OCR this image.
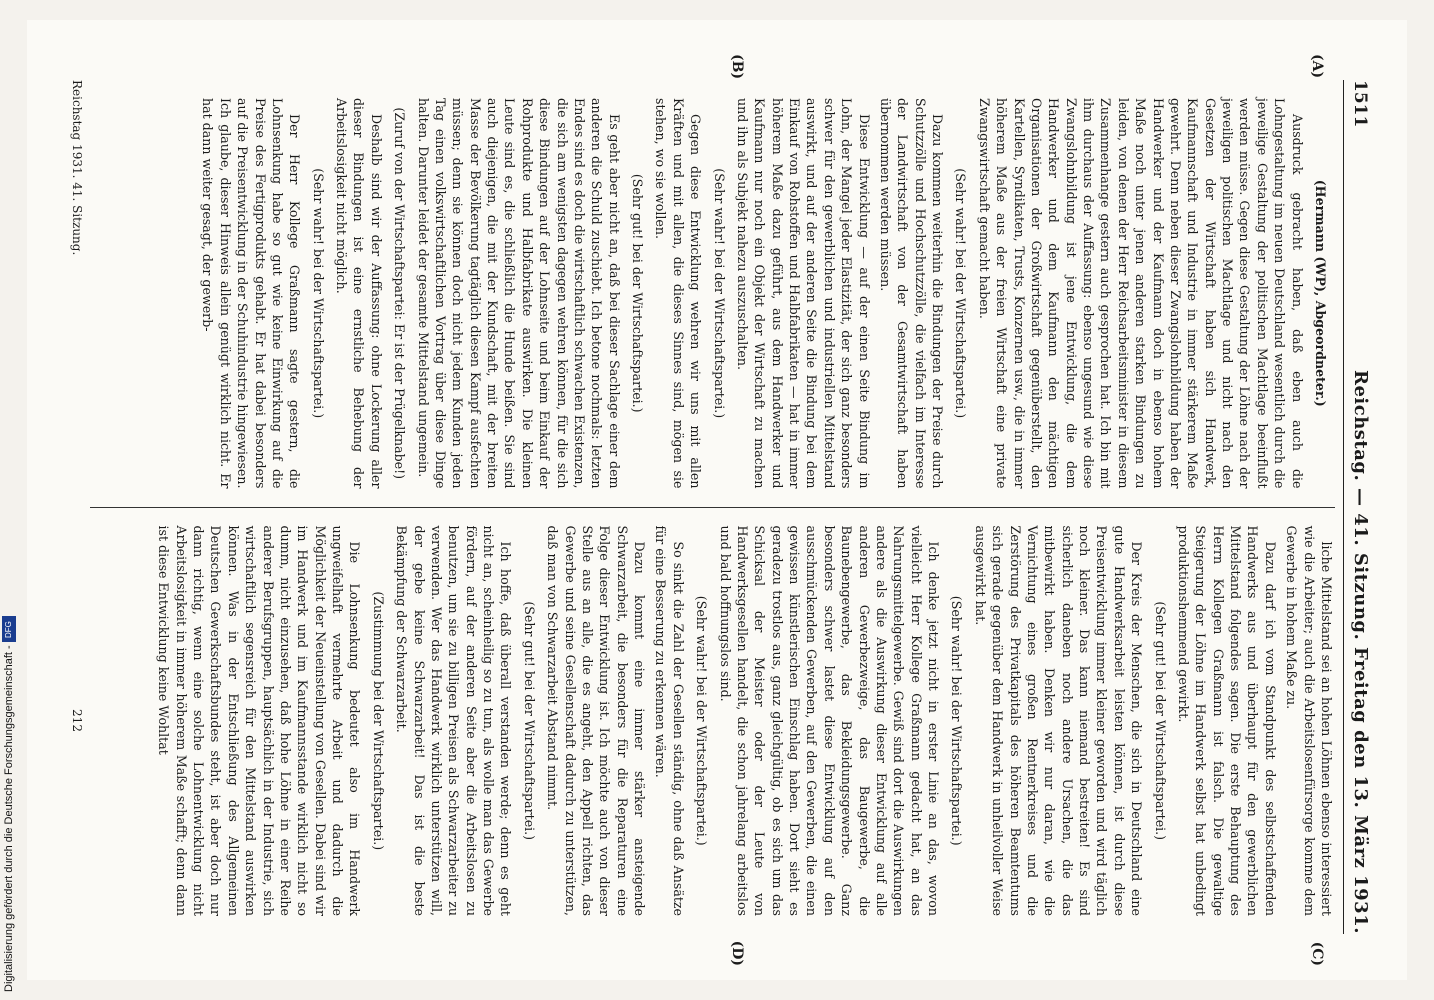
1511
Reichstag. — 41. Sitzung. Freitag den 13. März 1931.
(A)
(B)
(C)
(D)

(Hermann (WP), Abgeordneter.)

Ausdruck gebracht haben, daß eben auch die Lohngestaltung im neuen Deutschland wesentlich durch die jeweilige Gestaltung der politischen Machtlage beeinflußt werden müsse. Gegen diese Gestaltung der Löhne nach der jeweiligen politischen Machtlage und nicht nach den Gesetzen der Wirtschaft haben sich Handwerk, Kaufmannschaft und Industrie in immer stärkerem Maße gewehrt. Denn neben dieser Zwangslohnbildung haben der Handwerker und der Kaufmann doch in ebenso hohem Maße noch unter jenen anderen starken Bindungen zu leiden, von denen der Herr Reichsarbeitsminister in diesem Zusammenhange gestern auch gesprochen hat. Ich bin mit ihm durchaus der Auffassung: ebenso ungesund wie diese Zwangslohnbildung ist jene Entwicklung, die dem Handwerker und dem Kaufmann den mächtigen Organisationen der Großwirtschaft gegenüberstellt, den Kartellen, Syndikaten, Trusts, Konzernen usw., die in immer höherem Maße aus der freien Wirtschaft eine private Zwangswirtschaft gemacht haben.

(Sehr wahr! bei der Wirtschaftspartei.)

Dazu kommen weiterhin die Bindungen der Preise durch Schutzzölle und Hochschutzzölle, die vielfach im Interesse der Landwirtschaft von der Gesamtwirtschaft haben übernommen werden müssen.

Diese Entwicklung — auf der einen Seite Bindung im Lohn, der Mangel jeder Elastizität, der sich ganz besonders schwer für den gewerblichen und industriellen Mittelstand auswirkt, und auf der anderen Seite die Bindung bei dem Einkauf von Rohstoffen und Halbfabrikaten — hat in immer höherem Maße dazu geführt, aus dem Handwerker und Kaufmann nur noch ein Objekt der Wirtschaft zu machen und ihn als Subjekt nahezu auszuschalten.

(Sehr wahr! bei der Wirtschaftspartei.)

Gegen diese Entwicklung wehren wir uns mit allen Kräften und mit allen, die dieses Sinnes sind, mögen sie stehen, wo sie wollen.

(Sehr gut! bei der Wirtschaftspartei.)

Es geht aber nicht an, daß bei dieser Sachlage einer dem anderen die Schuld zuschiebt. Ich betone nochmals: letzten Endes sind es doch die wirtschaftlich schwachen Existenzen, die sich am wenigsten dagegen wehren können, für die sich diese Bindungen auf der Lohnseite und beim Einkauf der Rohprodukte und Halbfabrikate auswirken. Die kleinen Leute sind es, die schließlich die Hunde beißen. Sie sind auch diejenigen, die mit der Kundschaft, mit der breiten Masse der Bevölkerung tagtäglich diesen Kampf ausfechten müssen; denn sie können doch nicht jedem Kunden jeden Tag einen volkswirtschaftlichen Vortrag über diese Dinge halten. Darunter leidet der gesamte Mittelstand ungemein.

(Zuruf von der Wirtschaftspartei: Er ist der Prügelknabe!)

Deshalb sind wir der Auffassung: ohne Lockerung aller dieser Bindungen ist eine ernstliche Behebung der Arbeitslosigkeit nicht möglich.

(Sehr wahr! bei der Wirtschaftspartei.)

Der Herr Kollege Graßmann sagte gestern, die Lohnsenkung habe so gut wie keine Einwirkung auf die Preise des Fertigprodukts gehabt. Er hat dabei besonders auf die Preisentwicklung in der Schuhindustrie hingewiesen. Ich glaube, dieser Hinweis allein genügt wirklich nicht. Er hat dann weiter gesagt, der gewerb-

liche Mittelstand sei an hohen Löhnen ebenso interessiert wie die Arbeiter; auch die Arbeitslosenfürsorge komme dem Gewerbe in hohem Maße zu.

Dazu darf ich vom Standpunkt des selbstschaffenden Handwerks aus und überhaupt für den gewerblichen Mittelstand folgendes sagen. Die erste Behauptung des Herrn Kollegen Graßmann ist falsch. Die gewaltige Steigerung der Löhne im Handwerk selbst hat unbedingt produktionshemmend gewirkt.

(Sehr gut! bei der Wirtschaftspartei.)

Der Kreis der Menschen, die sich in Deutschland eine gute Handwerksarbeit leisten können, ist durch diese Preisentwicklung immer kleiner geworden und wird täglich noch kleiner. Das kann niemand bestreiten! Es sind sicherlich daneben noch andere Ursachen, die das mitbewirkt haben. Denken wir nur daran, wie die Vernichtung eines großen Rentnerkreises und die Zerstörung des Privatkapitals des höheren Beamtentums sich gerade gegenüber dem Handwerk in unheilvoller Weise ausgewirkt hat.

(Sehr wahr! bei der Wirtschaftspartei.)

Ich denke jetzt nicht in erster Linie an das, wovon vielleicht Herr Kollege Graßmann gedacht hat, an das Nahrungsmittelgewerbe. Gewiß sind dort die Auswirkungen andere als die Auswirkung dieser Entwicklung auf alle anderen Gewerbezweige, das Baugewerbe, die Baunebengewerbe, das Bekleidungsgewerbe. Ganz besonders schwer lastet diese Entwicklung auf den ausschmückenden Gewerben, auf den Gewerben, die einen gewissen künstlerischen Einschlag haben. Dort sieht es geradezu trostlos aus, ganz gleichgültig, ob es sich um das Schicksal der Meister oder der Leute von Handwerksgesellen handelt, die schon jahrelang arbeitslos und bald hoffnungslos sind.

(Sehr wahr! bei der Wirtschaftspartei.)

So sinkt die Zahl der Gesellen ständig, ohne daß Ansätze für eine Besserung zu erkennen wären.

Dazu kommt eine immer stärker ansteigende Schwarzarbeit, die besonders für die Reparaturen eine Folge dieser Entwicklung ist. Ich möchte auch von dieser Stelle aus an alle, die es angeht, den Appell richten, das Gewerbe und seine Gesellenschaft dadurch zu unterstützen, daß man von Schwarzarbeit Abstand nimmt.

(Sehr gut! bei der Wirtschaftspartei.)

Ich hoffe, daß überall verstanden werde; denn es geht nicht an, scheinheilig so zu tun, als wolle man das Gewerbe fördern, auf der anderen Seite aber die Arbeitslosen zu benutzen, um sie zu billigen Preisen als Schwarzarbeiter zu verwenden. Wer das Handwerk wirklich unterstützen will, der gebe keine Schwarzarbeit! Das ist die beste Bekämpfung der Schwarzarbeit.

(Zustimmung bei der Wirtschaftspartei.)

Die Lohnsenkung bedeutet also im Handwerk ungweifelhaft vermehrte Arbeit und dadurch die Möglichkeit der Neueinstellung von Gesellen. Dabei sind wir im Handwerk und im Kaufmannsstande wirklich nicht so dumm, nicht einzusehen, daß hohe Löhne in einer Reihe anderer Berufsgruppen, hauptsächlich in der Industrie, sich wirtschaftlich segensreich für den Mittelstand auswirken können. Was in der Entschließung des Allgemeinen Deutschen Gewerkschaftsbundes steht, ist aber doch nur dann richtig, wenn eine solche Lohnentwicklung nicht Arbeitslosigkeit in immer höherem Maße schafft; denn dann ist diese Entwicklung keine Wohltat

Reichstag 1931. 41. Sitzung.
212
Digitalisierung gefördert durch die Deutsche Forschungsgemeinschaft - DFG
